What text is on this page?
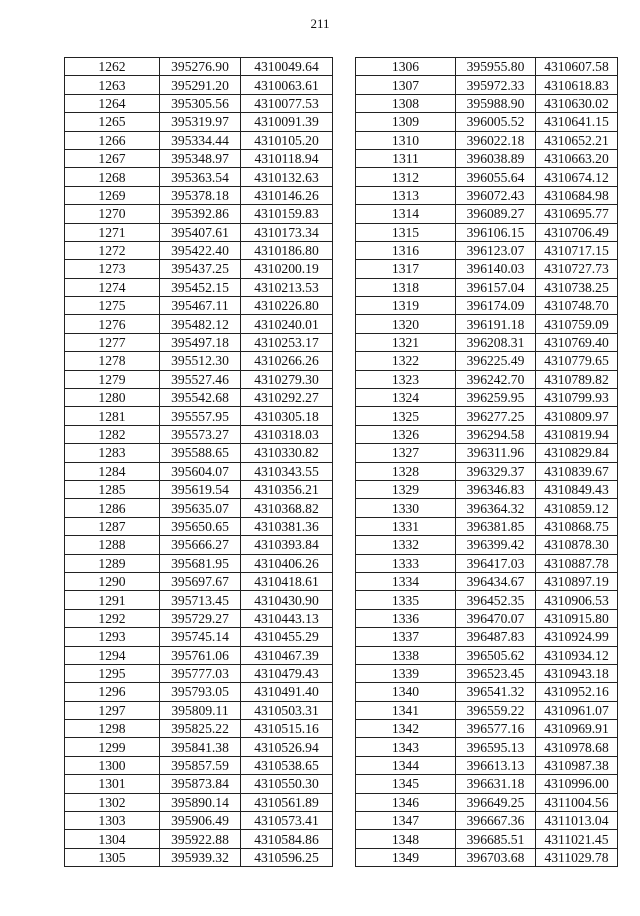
211
1262	395276.90	4310049.64
1263	395291.20	4310063.61
1264	395305.56	4310077.53
1265	395319.97	4310091.39
1266	395334.44	4310105.20
1267	395348.97	4310118.94
1268	395363.54	4310132.63
1269	395378.18	4310146.26
1270	395392.86	4310159.83
1271	395407.61	4310173.34
1272	395422.40	4310186.80
1273	395437.25	4310200.19
1274	395452.15	4310213.53
1275	395467.11	4310226.80
1276	395482.12	4310240.01
1277	395497.18	4310253.17
1278	395512.30	4310266.26
1279	395527.46	4310279.30
1280	395542.68	4310292.27
1281	395557.95	4310305.18
1282	395573.27	4310318.03
1283	395588.65	4310330.82
1284	395604.07	4310343.55
1285	395619.54	4310356.21
1286	395635.07	4310368.82
1287	395650.65	4310381.36
1288	395666.27	4310393.84
1289	395681.95	4310406.26
1290	395697.67	4310418.61
1291	395713.45	4310430.90
1292	395729.27	4310443.13
1293	395745.14	4310455.29
1294	395761.06	4310467.39
1295	395777.03	4310479.43
1296	395793.05	4310491.40
1297	395809.11	4310503.31
1298	395825.22	4310515.16
1299	395841.38	4310526.94
1300	395857.59	4310538.65
1301	395873.84	4310550.30
1302	395890.14	4310561.89
1303	395906.49	4310573.41
1304	395922.88	4310584.86
1305	395939.32	4310596.25
1306	395955.80	4310607.58
1307	395972.33	4310618.83
1308	395988.90	4310630.02
1309	396005.52	4310641.15
1310	396022.18	4310652.21
1311	396038.89	4310663.20
1312	396055.64	4310674.12
1313	396072.43	4310684.98
1314	396089.27	4310695.77
1315	396106.15	4310706.49
1316	396123.07	4310717.15
1317	396140.03	4310727.73
1318	396157.04	4310738.25
1319	396174.09	4310748.70
1320	396191.18	4310759.09
1321	396208.31	4310769.40
1322	396225.49	4310779.65
1323	396242.70	4310789.82
1324	396259.95	4310799.93
1325	396277.25	4310809.97
1326	396294.58	4310819.94
1327	396311.96	4310829.84
1328	396329.37	4310839.67
1329	396346.83	4310849.43
1330	396364.32	4310859.12
1331	396381.85	4310868.75
1332	396399.42	4310878.30
1333	396417.03	4310887.78
1334	396434.67	4310897.19
1335	396452.35	4310906.53
1336	396470.07	4310915.80
1337	396487.83	4310924.99
1338	396505.62	4310934.12
1339	396523.45	4310943.18
1340	396541.32	4310952.16
1341	396559.22	4310961.07
1342	396577.16	4310969.91
1343	396595.13	4310978.68
1344	396613.13	4310987.38
1345	396631.18	4310996.00
1346	396649.25	4311004.56
1347	396667.36	4311013.04
1348	396685.51	4311021.45
1349	396703.68	4311029.78
